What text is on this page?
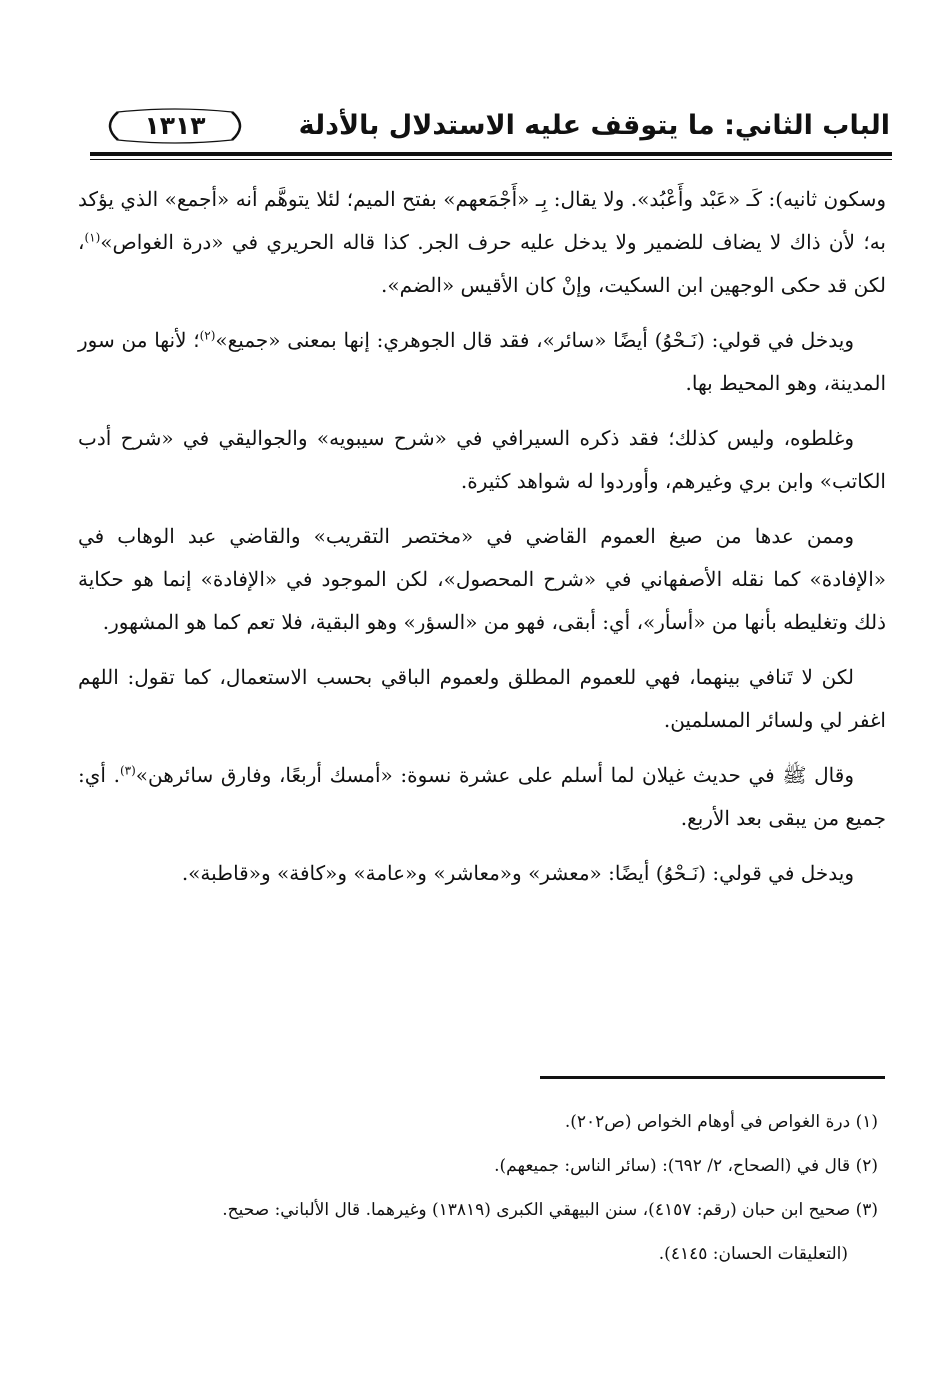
الباب الثاني: ما يتوقف عليه الاستدلال بالأدلة
١٣١٣

وسكون ثانيه): كَـ «عَبْد وأَعْبُد». ولا يقال: بِـ «أَجْمَعهم» بفتح الميم؛ لئلا يتوهَّم أنه «أجمع» الذي يؤكد به؛ لأن ذاك لا يضاف للضمير ولا يدخل عليه حرف الجر. كذا قاله الحريري في «درة الغواص»$^{(١)}$، لكن قد حكى الوجهين ابن السكيت، وإنْ كان الأقيس «الضم».

ويدخل في قولي: (نَـحْوُ) أيضًا «سائر»، فقد قال الجوهري: إنها بمعنى «جميع»$^{(٢)}$؛ لأنها من سور المدينة، وهو المحيط بها.

وغلطوه، وليس كذلك؛ فقد ذكره السيرافي في «شرح سيبويه» والجواليقي في «شرح أدب الكاتب» وابن بري وغيرهم، وأوردوا له شواهد كثيرة.

وممن عدها من صيغ العموم القاضي في «مختصر التقريب» والقاضي عبد الوهاب في «الإفادة» كما نقله الأصفهاني في «شرح المحصول»، لكن الموجود في «الإفادة» إنما هو حكاية ذلك وتغليطه بأنها من «أسأر»، أي: أبقى، فهو من «السؤر» وهو البقية، فلا تعم كما هو المشهور.

لكن لا تَنافي بينهما، فهي للعموم المطلق ولعموم الباقي بحسب الاستعمال، كما تقول: اللهم اغفر لي ولسائر المسلمين.

وقال ﷺ في حديث غيلان لما أسلم على عشرة نسوة: «أمسك أربعًا، وفارق سائرهن»$^{(٣)}$. أي: جميع من يبقى بعد الأربع.

ويدخل في قولي: (نَـحْوُ) أيضًا: «معشر» و«معاشر» و«عامة» و«كافة» و«قاطبة».

(١) درة الغواص في أوهام الخواص (ص٢٠٢).

(٢) قال في (الصحاح، ٢/ ٦٩٢): (سائر الناس: جميعهم).

(٣) صحيح ابن حبان (رقم: ٤١٥٧)، سنن البيهقي الكبرى (١٣٨١٩) وغيرهما. قال الألباني: صحيح.

(التعليقات الحسان: ٤١٤٥).
